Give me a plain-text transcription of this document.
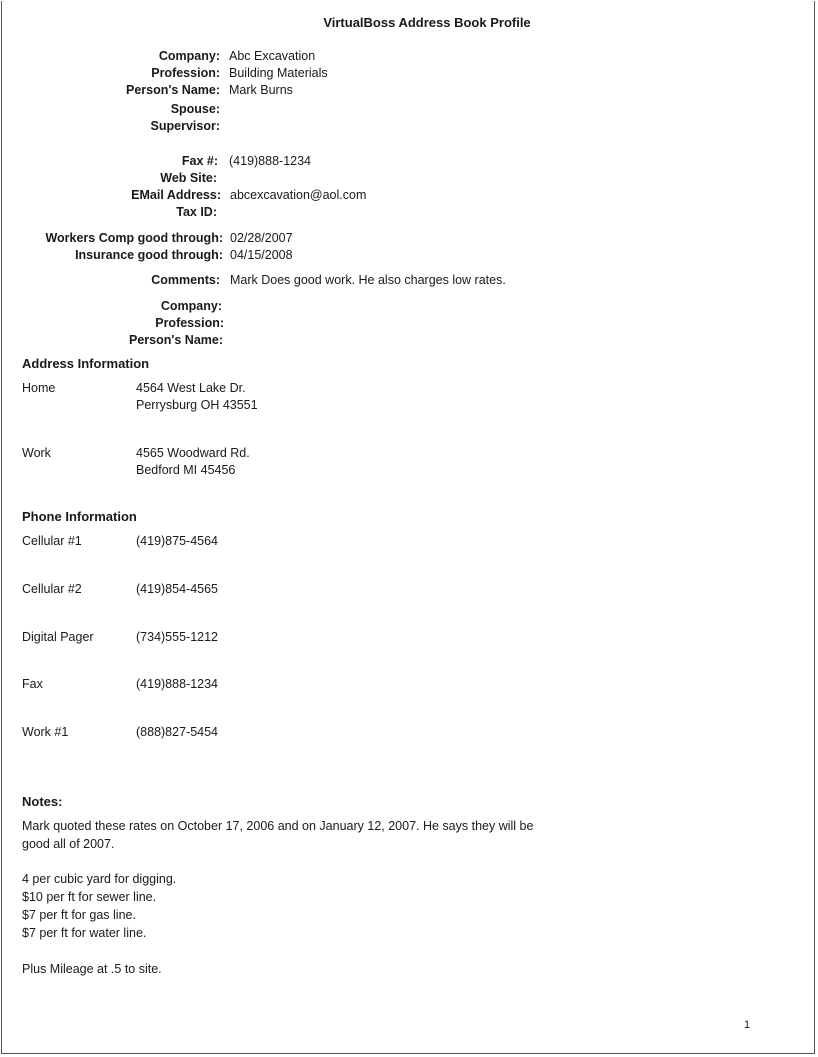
VirtualBoss Address Book Profile
Company: Abc Excavation
Profession: Building Materials
Person's Name: Mark Burns
Spouse:
Supervisor:
Fax #: (419)888-1234
Web Site:
EMail Address: abcexcavation@aol.com
Tax ID:
Workers Comp good through: 02/28/2007
Insurance good through: 04/15/2008
Comments: Mark Does good work. He also charges low rates.
Company:
Profession:
Person's Name:
Address Information
Home	4564 West Lake Dr.
Perrysburg OH 43551
Work	4565 Woodward Rd.
Bedford MI 45456
Phone Information
Cellular #1	(419)875-4564
Cellular #2	(419)854-4565
Digital Pager	(734)555-1212
Fax	(419)888-1234
Work #1	(888)827-5454
Notes:
Mark quoted these rates on October 17, 2006 and on January 12, 2007. He says they will be
good all of 2007.
4 per cubic yard for digging.
$10 per ft for sewer line.
$7 per ft for gas line.
$7 per ft for water line.
Plus Mileage at .5 to site.
1
